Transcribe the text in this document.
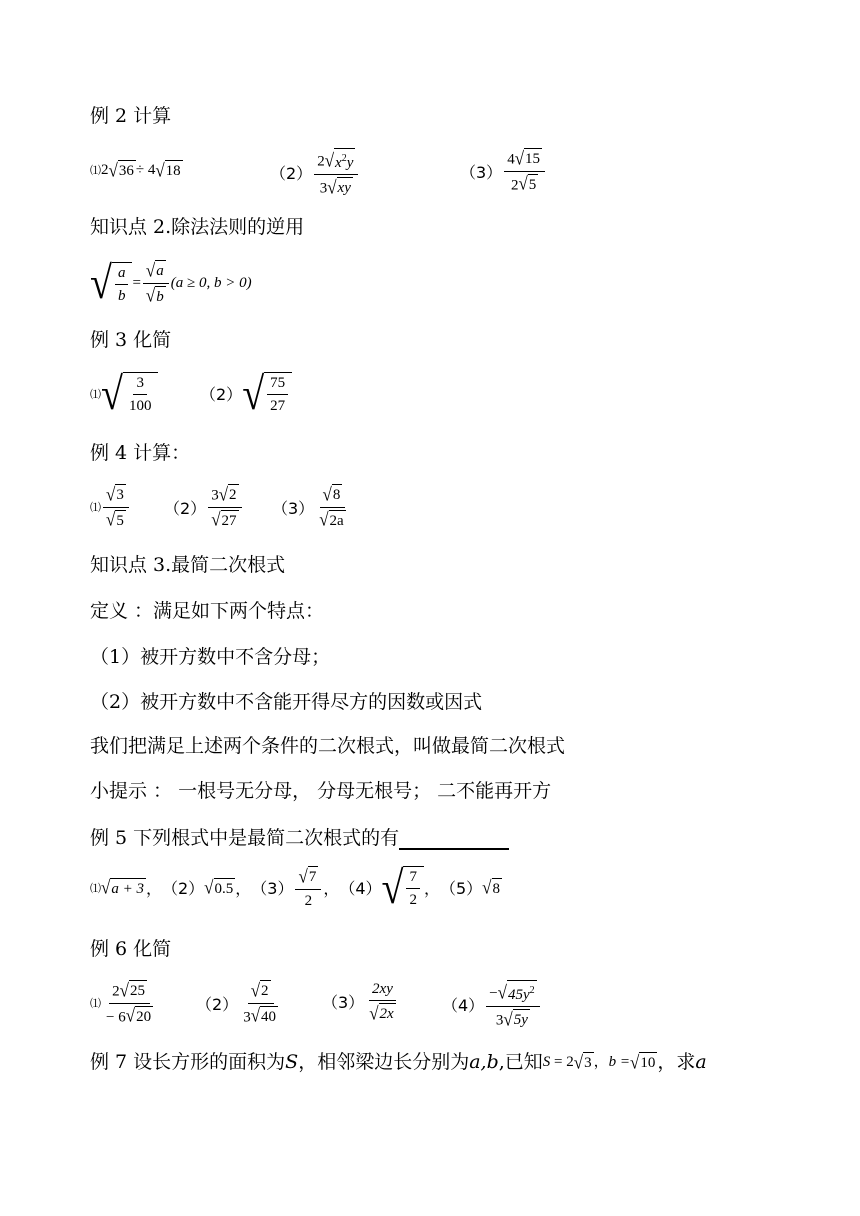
例 2 计算
⑴ 2 √ 36 ÷ 4 √ 18	$(2) \frac{2 √ x^2y}{3 √ xy}$	$(3) \frac{4 √ 15}{2 √ 5}$
知识点 2.除法法则的逆用
√ $\frac{a}{b} = \frac{√ a}{√ b} (a \ge 0$, b > 0)
例 3 化简
⑴ √ $\frac{3}{100}$	（2） √ $\frac{75}{27}$
例 4 计算：
⑴ $\frac{√ 3}{√ 5} (2) \frac{3 √ 2}{√ 27} (3) \frac{√ 8}{√ 2a}$
知识点 3.最简二次根式
定义 ：满足如下两个特点：
（1）被开方数中不含分母；
（2）被开方数中不含能开得尽方的因数或因式
我们把满足上述两个条件的二次根式，叫做最简二次根式
小提示 ： 一根号无分母， 分母无根号； 二不能再开方
例 5 下列根式中是最简二次根式的有
⑴ √ a + 3 ， （2） √ 0.5 ， $(3) \frac{√ 7}{2}$ ， （4） √ $\frac{7}{2}$ ， （5） √ 8
例 6 化简
⑴ $\frac{2 √ 25}{- 6 √ 20} (2) \frac{√ 2}{3 √ 40}$	$(3) \frac{2xy}{√ 2x}$	$(4) \frac{- √ 45y^2}{3 √ 5y}$
例 7 设长方形的面积为 S ，相邻梁边长分别为 a,b ,已知 S = 2 √ 3 ， b = √ 10 ，求 a
